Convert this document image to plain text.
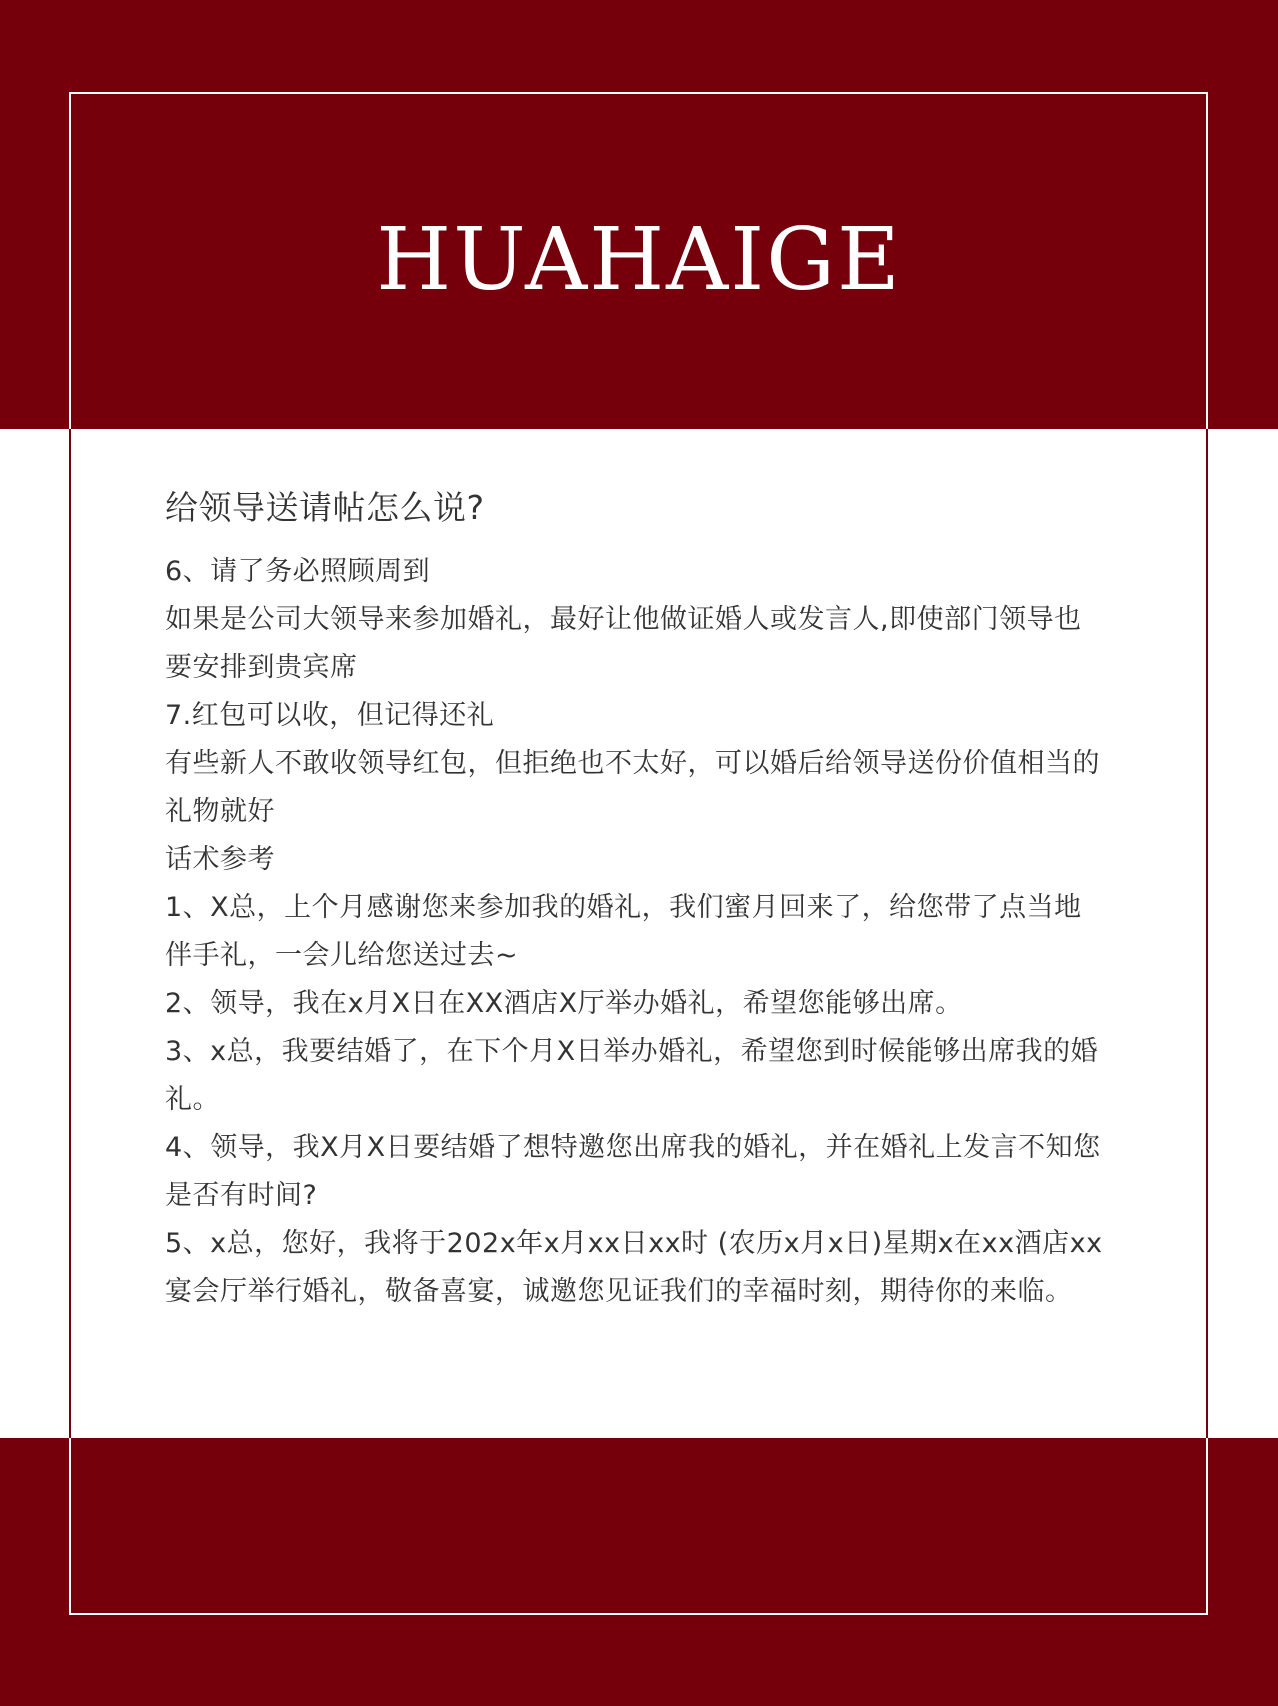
HUAHAIGE
给领导送请帖怎么说?

6、请了务必照顾周到

如果是公司大领导来参加婚礼，最好让他做证婚人或发言人,即使部门领导也要安排到贵宾席

7.红包可以收，但记得还礼

有些新人不敢收领导红包，但拒绝也不太好，可以婚后给领导送份价值相当的礼物就好

话术参考

1、X总，上个月感谢您来参加我的婚礼，我们蜜月回来了，给您带了点当地伴手礼，一会儿给您送过去~

2、领导，我在x月X日在XX酒店X厅举办婚礼，希望您能够出席。

3、x总，我要结婚了，在下个月X日举办婚礼，希望您到时候能够出席我的婚礼。

4、领导，我X月X日要结婚了想特邀您出席我的婚礼，并在婚礼上发言不知您是否有时间?

5、x总，您好，我将于202x年x月xx日xx时 (农历x月x日)星期x在xx酒店xx宴会厅举行婚礼，敬备喜宴，诚邀您见证我们的幸福时刻，期待你的来临。
